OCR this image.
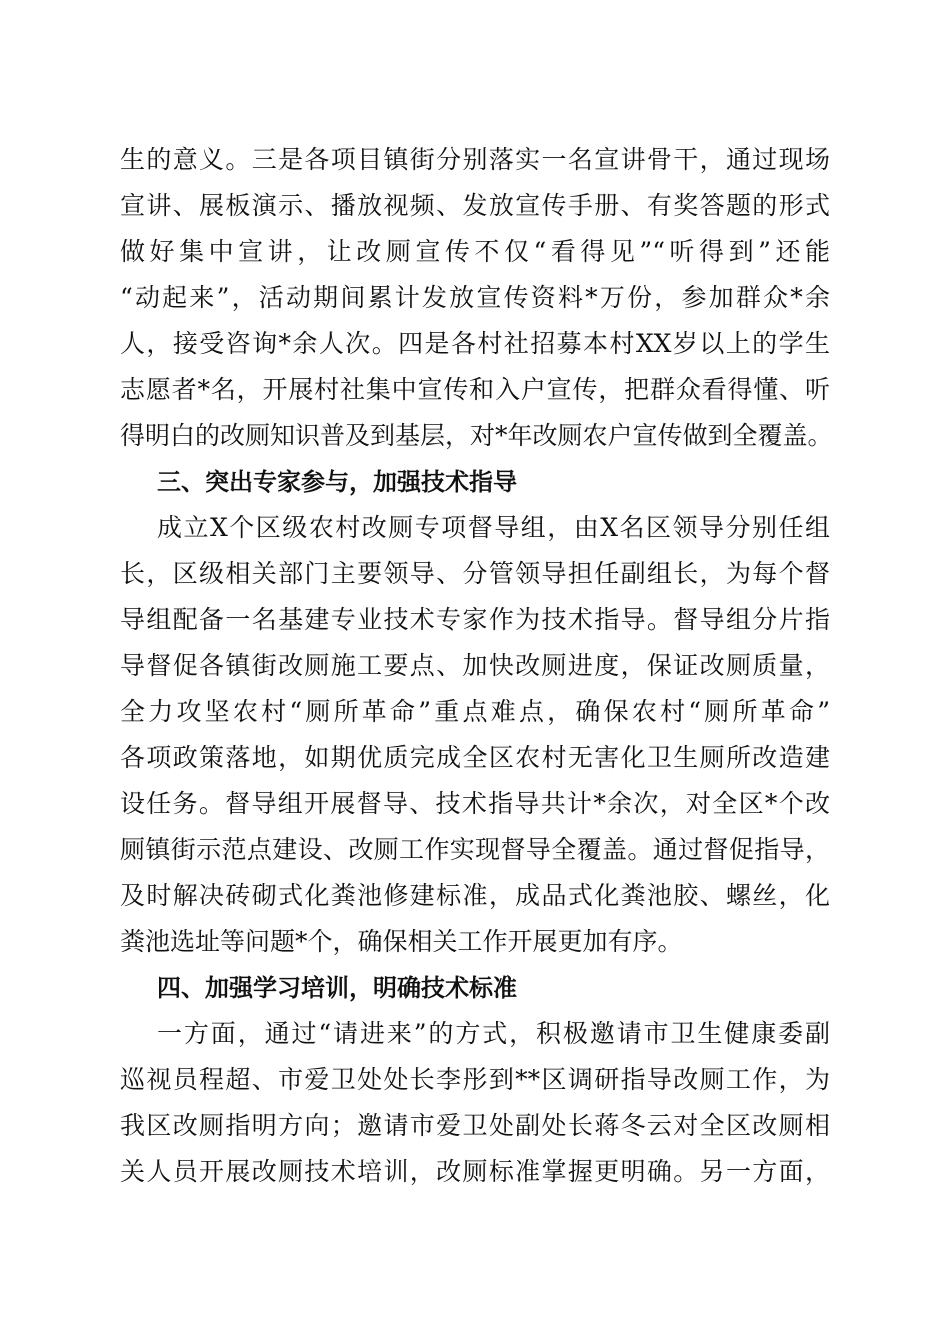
生的意义。三是各项目镇街分别落实一名宣讲骨干，通过现场
宣讲、展板演示、播放视频、发放宣传手册、有奖答题的形式
做好集中宣讲，让改厕宣传不仅“看得见”“听得到”还能
“动起来”，活动期间累计发放宣传资料*万份，参加群众*余
人，接受咨询*余人次。四是各村社招募本村XX岁以上的学生
志愿者*名，开展村社集中宣传和入户宣传，把群众看得懂、听
得明白的改厕知识普及到基层，对*年改厕农户宣传做到全覆盖。
三、突出专家参与，加强技术指导
成立X个区级农村改厕专项督导组，由X名区领导分别任组
长，区级相关部门主要领导、分管领导担任副组长，为每个督
导组配备一名基建专业技术专家作为技术指导。督导组分片指
导督促各镇街改厕施工要点、加快改厕进度，保证改厕质量，
全力攻坚农村“厕所革命”重点难点，确保农村“厕所革命”
各项政策落地，如期优质完成全区农村无害化卫生厕所改造建
设任务。督导组开展督导、技术指导共计*余次，对全区*个改
厕镇街示范点建设、改厕工作实现督导全覆盖。通过督促指导，
及时解决砖砌式化粪池修建标准，成品式化粪池胶、螺丝，化
粪池选址等问题*个，确保相关工作开展更加有序。
四、加强学习培训，明确技术标准
一方面，通过“请进来”的方式，积极邀请市卫生健康委副
巡视员程超、市爱卫处处长李彤到**区调研指导改厕工作，为
我区改厕指明方向；邀请市爱卫处副处长蒋冬云对全区改厕相
关人员开展改厕技术培训，改厕标准掌握更明确。另一方面，
